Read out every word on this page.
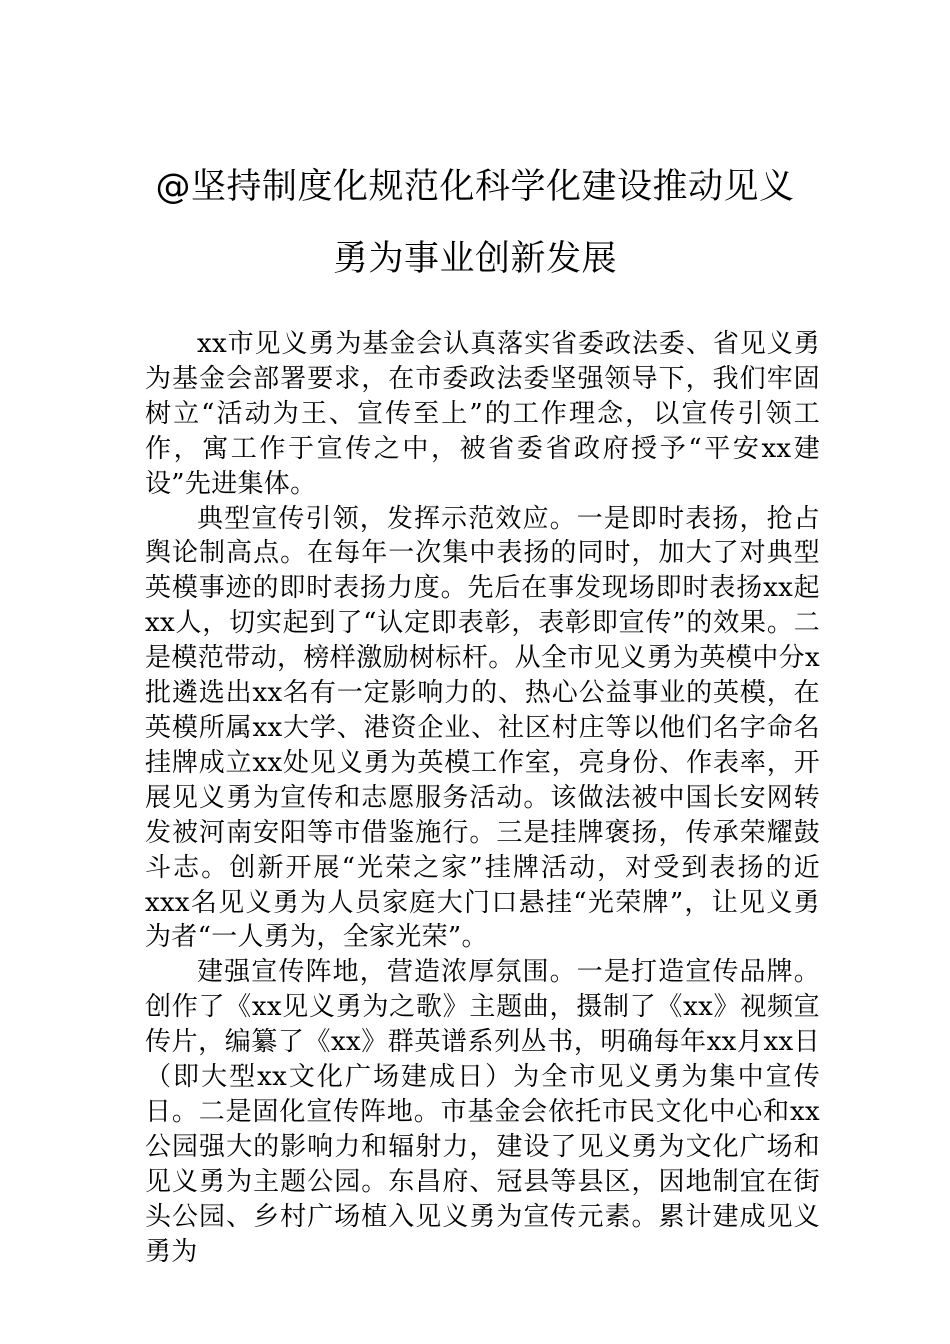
@坚持制度化规范化科学化建设推动见义
勇为事业创新发展

xx市见义勇为基金会认真落实省委政法委、省见义勇为基金会部署要求，在市委政法委坚强领导下，我们牢固树立“活动为王、宣传至上”的工作理念，以宣传引领工作，寓工作于宣传之中，被省委省政府授予“平安xx建设”先进集体。

典型宣传引领，发挥示范效应。一是即时表扬，抢占舆论制高点。在每年一次集中表扬的同时，加大了对典型英模事迹的即时表扬力度。先后在事发现场即时表扬xx起xx人，切实起到了“认定即表彰，表彰即宣传”的效果。二是模范带动，榜样激励树标杆。从全市见义勇为英模中分x批遴选出xx名有一定影响力的、热心公益事业的英模，在英模所属xx大学、港资企业、社区村庄等以他们名字命名挂牌成立xx处见义勇为英模工作室，亮身份、作表率，开展见义勇为宣传和志愿服务活动。该做法被中国长安网转发被河南安阳等市借鉴施行。三是挂牌褒扬，传承荣耀鼓斗志。创新开展“光荣之家”挂牌活动，对受到表扬的近xxx名见义勇为人员家庭大门口悬挂“光荣牌”，让见义勇为者“一人勇为，全家光荣”。

建强宣传阵地，营造浓厚氛围。一是打造宣传品牌。创作了《xx见义勇为之歌》主题曲，摄制了《xx》视频宣传片，编纂了《xx》群英谱系列丛书，明确每年xx月xx日（即大型xx文化广场建成日）为全市见义勇为集中宣传日。二是固化宣传阵地。市基金会依托市民文化中心和xx公园强大的影响力和辐射力，建设了见义勇为文化广场和见义勇为主题公园。东昌府、冠县等县区，因地制宜在街头公园、乡村广场植入见义勇为宣传元素。累计建成见义勇为
